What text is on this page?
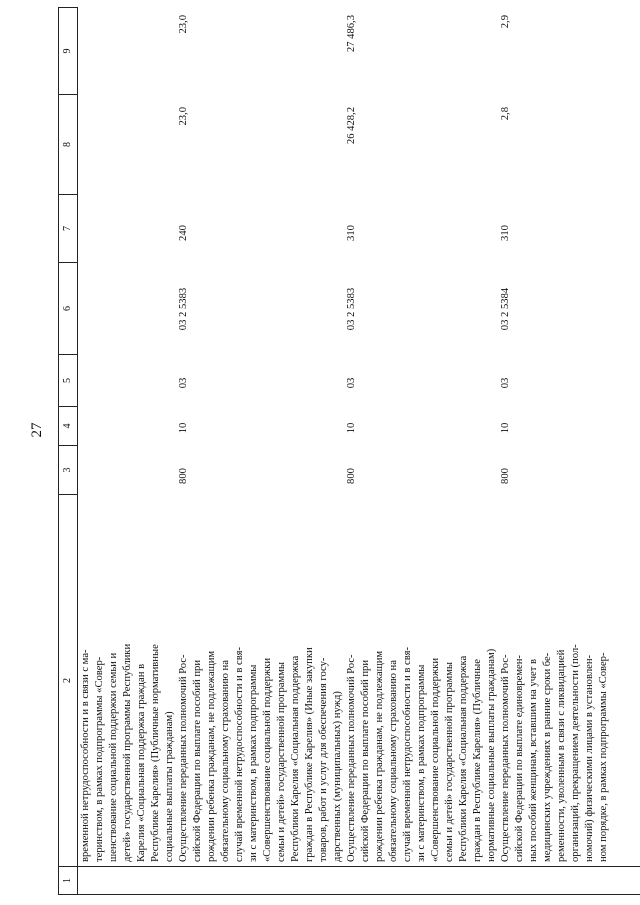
27
1
2
3
4
5
6
7
8
9
временной нетрудоспособности и в связи с ма- теринством, в рамках подпрограммы «Совер- шенствование социальной поддержки семьи и детей» государственной программы Республики Карелия «Социальная поддержка граждан в Республике Карелия» (Публичные нормативные социальные выплаты гражданам) Осуществление переданных полномочий Рос- сийской Федерации по выплате пособий при рождении ребенка гражданам, не подлежащим обязательному социальному страхованию на случай временной нетрудоспособности и в свя- зи с материнством, в рамках подпрограммы «Совершенствование социальной поддержки семьи и детей» государственной программы Республики Карелия «Социальная поддержка граждан в Республике Карелия» (Иные закупки товаров, работ и услуг для обеспечения госу- дарственных (муниципальных) нужд)
800
10
03
03 2 5383
240
23,0
23,0
Осуществление переданных полномочий Рос- сийской Федерации по выплате пособий при рождении ребенка гражданам, не подлежащим обязательному социальному страхованию на случай временной нетрудоспособности и в свя- зи с материнством, в рамках подпрограммы «Совершенствование социальной поддержки семьи и детей» государственной программы Республики Карелия «Социальная поддержка граждан в Республике Карелия» (Публичные нормативные социальные выплаты гражданам)
800
10
03
03 2 5383
310
26 428,2
27 486,3
Осуществление переданных полномочий Рос- сийской Федерации по выплате единовремен- ных пособий женщинам, вставшим на учет в медицинских учреждениях в ранние сроки бе- ременности, уволенным в связи с ликвидацией организаций, прекращением деятельности (пол- номочий) физическими лицами в установлен- ном порядке, в рамках подпрограммы «Совер-
800
10
03
03 2 5384
310
2,8
2,9
